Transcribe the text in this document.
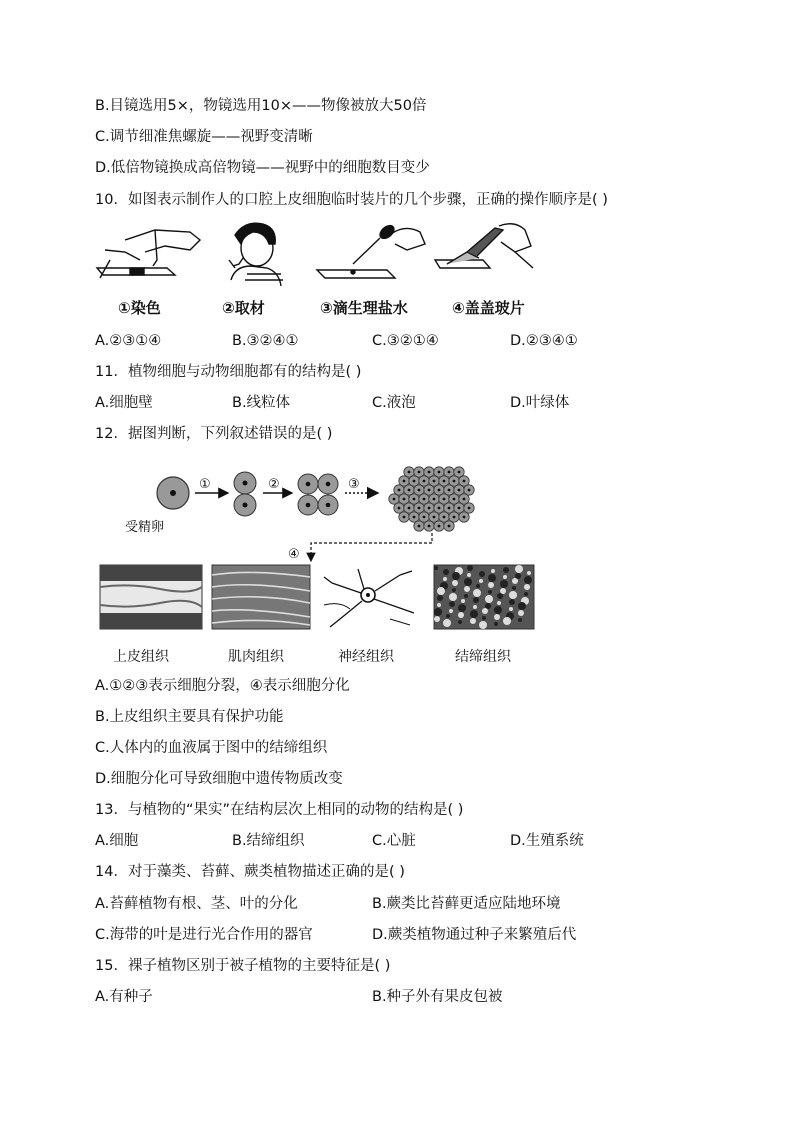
B.目镜选用5×，物镜选用10×——物像被放大50倍
C.调节细准焦螺旋——视野变清晰
D.低倍物镜换成高倍物镜——视野中的细胞数目变少
10．如图表示制作人的口腔上皮细胞临时装片的几个步骤，正确的操作顺序是( )
①染色	②取材	③滴生理盐水	④盖盖玻片
A.②③①④	B.③②④①	C.③②①④	D.②③④①
11．植物细胞与动物细胞都有的结构是( )
A.细胞壁	B.线粒体	C.液泡	D.叶绿体
12．据图判断，下列叙述错误的是( )
①	②	③
④
受精卵
上皮组织	肌肉组织	神经组织	结缔组织
A.①②③表示细胞分裂，④表示细胞分化
B.上皮组织主要具有保护功能
C.人体内的血液属于图中的结缔组织
D.细胞分化可导致细胞中遗传物质改变
13．与植物的“果实”在结构层次上相同的动物的结构是( )
A.细胞	B.结缔组织	C.心脏	D.生殖系统
14．对于藻类、苔藓、蕨类植物描述正确的是( )
A.苔藓植物有根、茎、叶的分化	B.蕨类比苔藓更适应陆地环境
C.海带的叶是进行光合作用的器官	D.蕨类植物通过种子来繁殖后代
15．裸子植物区别于被子植物的主要特征是( )
A.有种子	B.种子外有果皮包被
